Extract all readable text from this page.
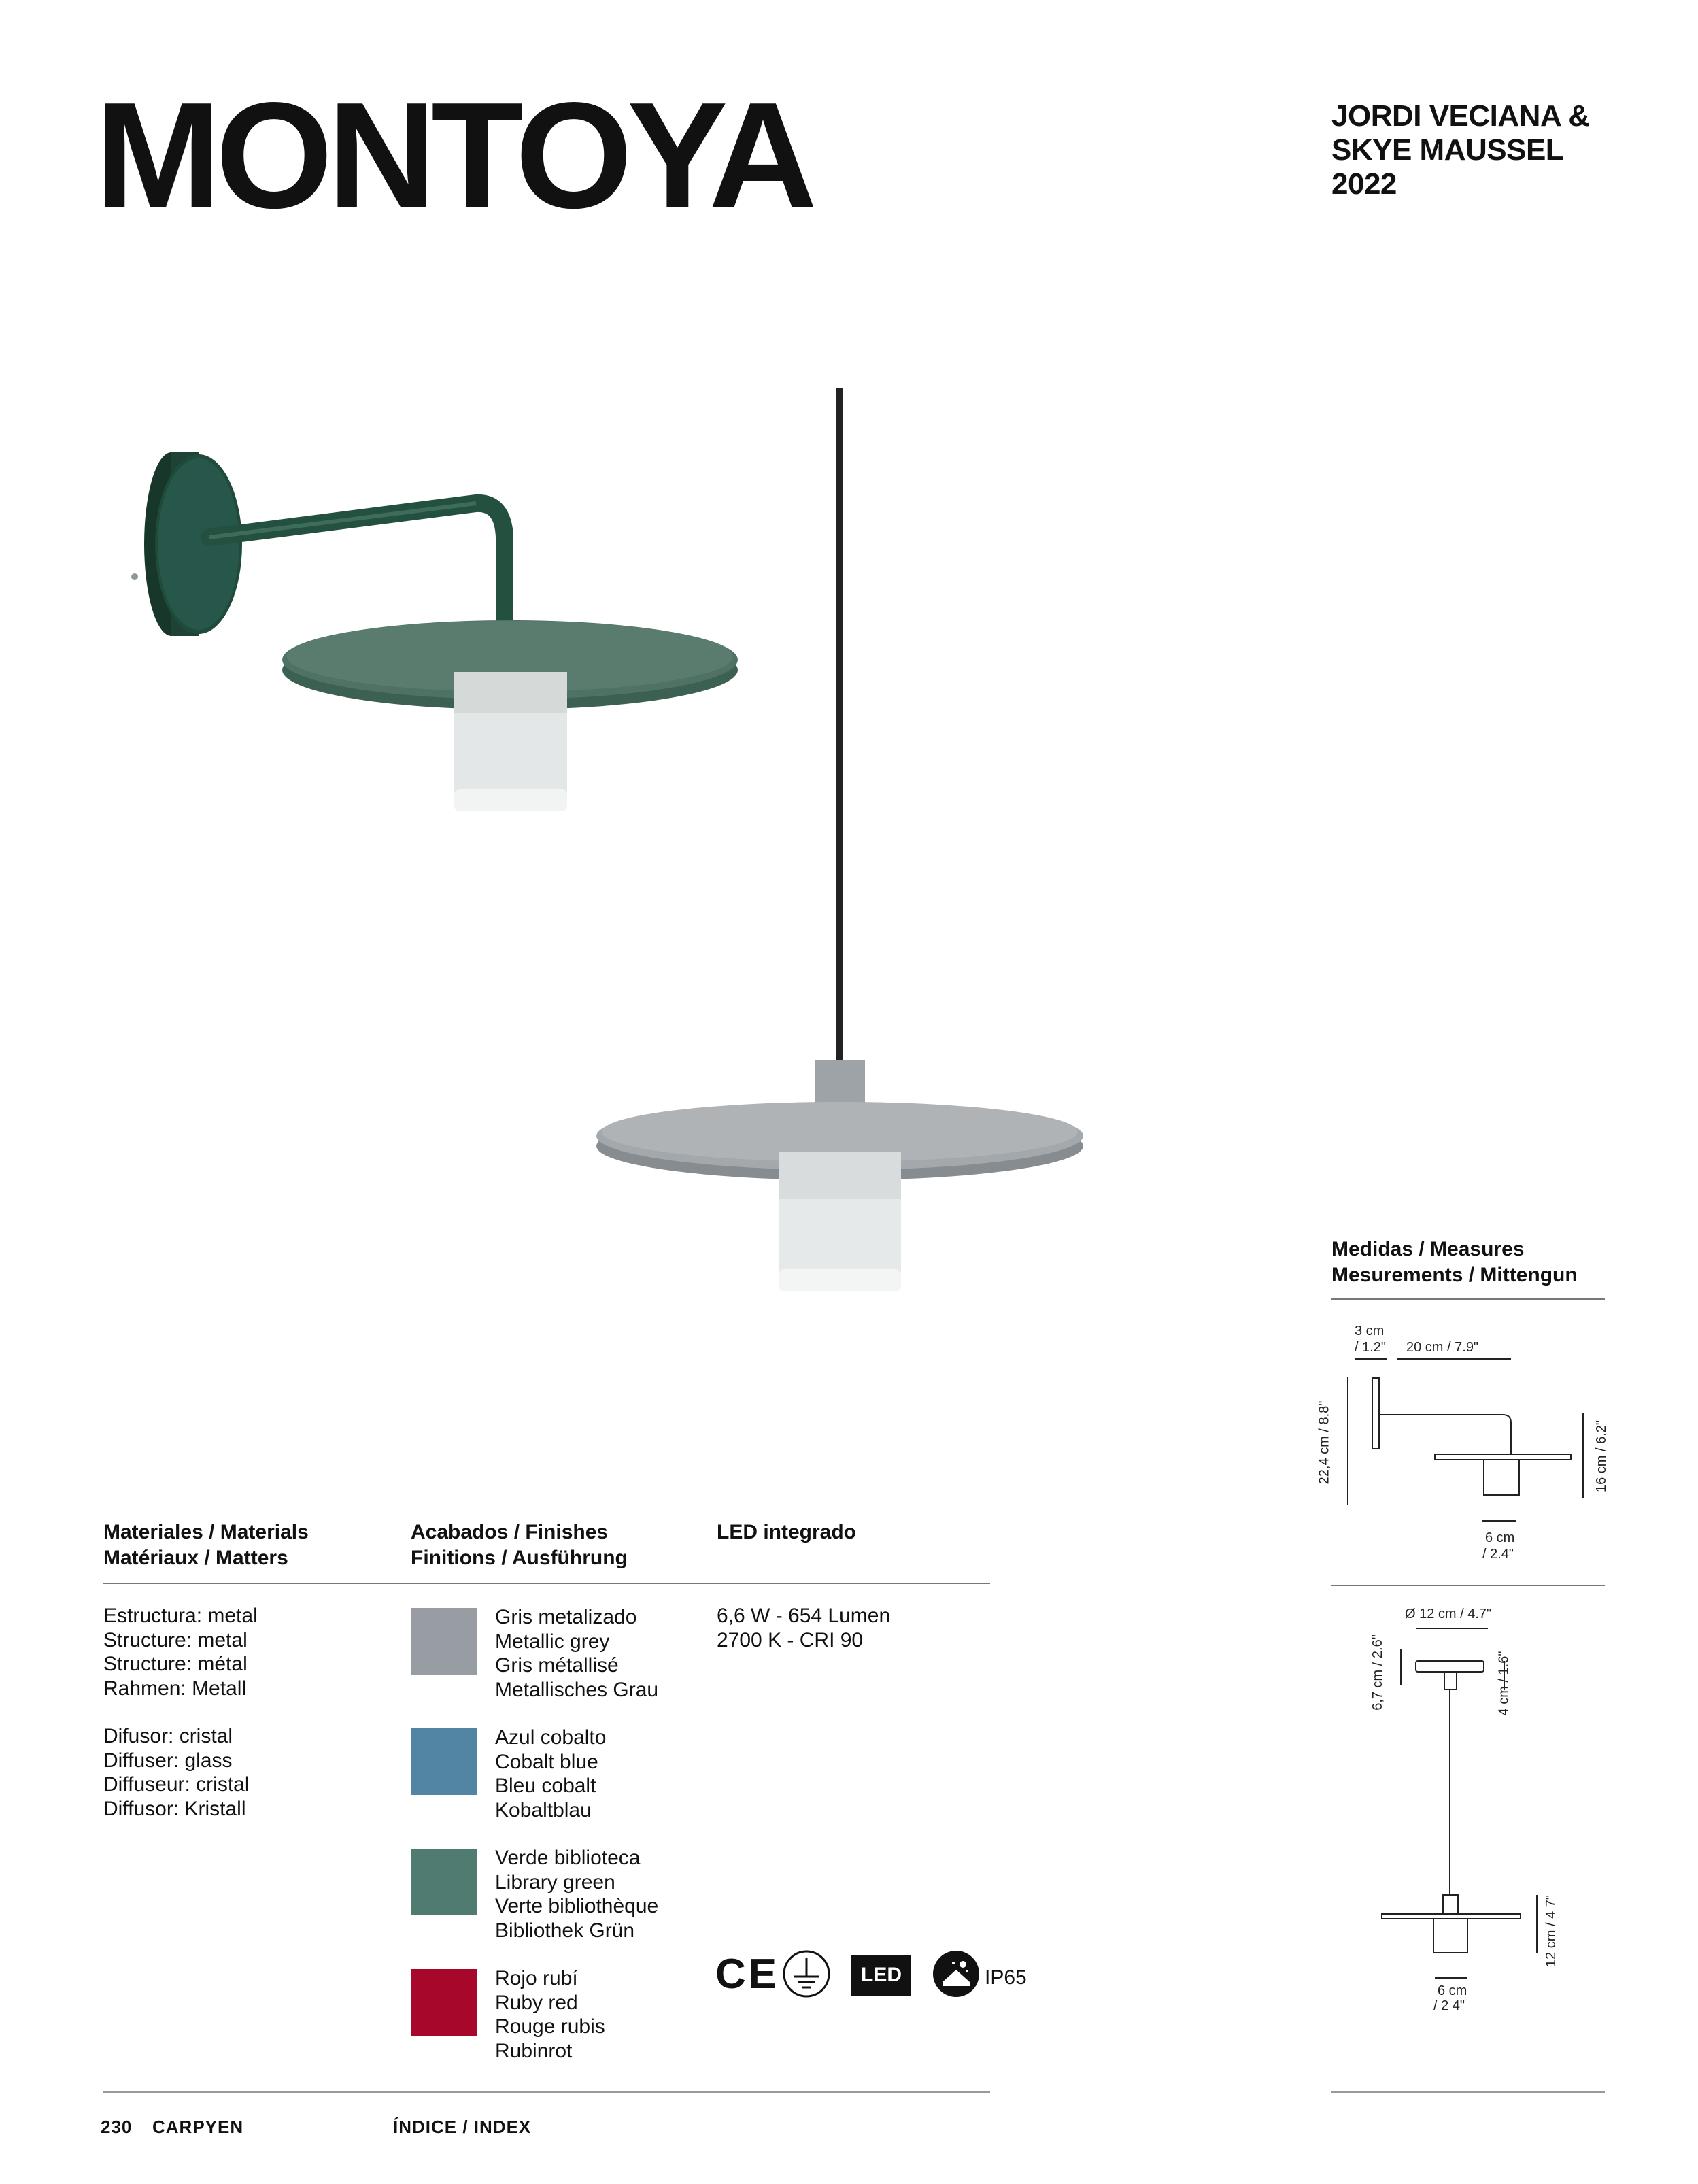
MONTOYA	JORDI VECIANA &
SKYE MAUSSEL
2022
Medidas / Measures
Mesurements / Mittengun
3 cm
/ 1.2" 20 cm / 7.9"
22,4 cm / 8.8"	16 cm / 6.2"
6 cm
/ 2.4"
Ø 12 cm / 4.7"
6,7 cm / 2.6"	4 cm / 1.6"
12 cm / 4 7"
6 cm
/ 2 4"
Materiales / Materials
Matériaux / Matters
Acabados / Finishes
Finitions / Ausführung
LED integrado
Estructura: metal
Structure: metal
Structure: métal
Rahmen: Metall
Difusor: cristal
Diffuser: glass
Diffuseur: cristal
Diffusor: Kristall
Gris metalizado
Metallic grey
Gris métallisé
Metallisches Grau
Azul cobalto
Cobalt blue
Bleu cobalt
Kobaltblau
Verde biblioteca
Library green
Verte bibliothèque
Bibliothek Grün
Rojo rubí
Ruby red
Rouge rubis
Rubinrot
6,6 W - 654 Lumen
2700 K - CRI 90
CE	LED	IP65
230 CARPYEN	ÍNDICE / INDEX
